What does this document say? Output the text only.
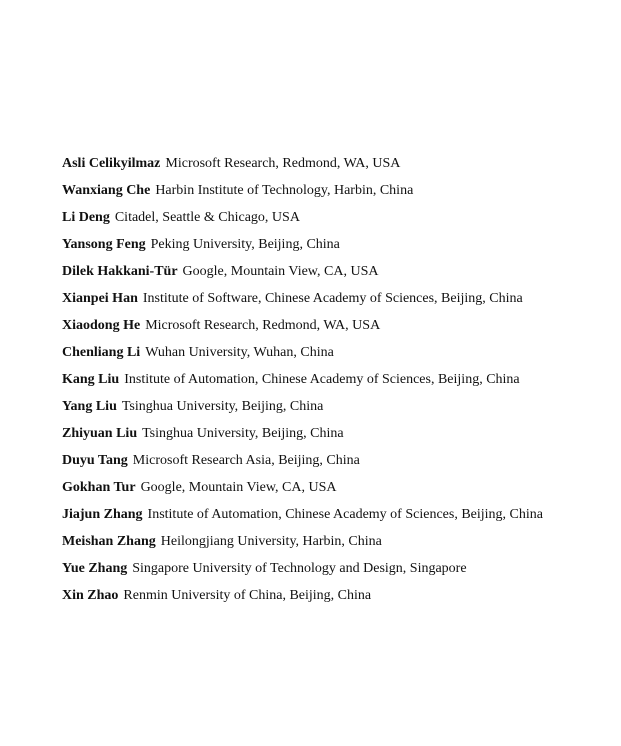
Asli Celikyilmaz Microsoft Research, Redmond, WA, USA
Wanxiang Che Harbin Institute of Technology, Harbin, China
Li Deng Citadel, Seattle & Chicago, USA
Yansong Feng Peking University, Beijing, China
Dilek Hakkani-Tür Google, Mountain View, CA, USA
Xianpei Han Institute of Software, Chinese Academy of Sciences, Beijing, China
Xiaodong He Microsoft Research, Redmond, WA, USA
Chenliang Li Wuhan University, Wuhan, China
Kang Liu Institute of Automation, Chinese Academy of Sciences, Beijing, China
Yang Liu Tsinghua University, Beijing, China
Zhiyuan Liu Tsinghua University, Beijing, China
Duyu Tang Microsoft Research Asia, Beijing, China
Gokhan Tur Google, Mountain View, CA, USA
Jiajun Zhang Institute of Automation, Chinese Academy of Sciences, Beijing, China
Meishan Zhang Heilongjiang University, Harbin, China
Yue Zhang Singapore University of Technology and Design, Singapore
Xin Zhao Renmin University of China, Beijing, China
